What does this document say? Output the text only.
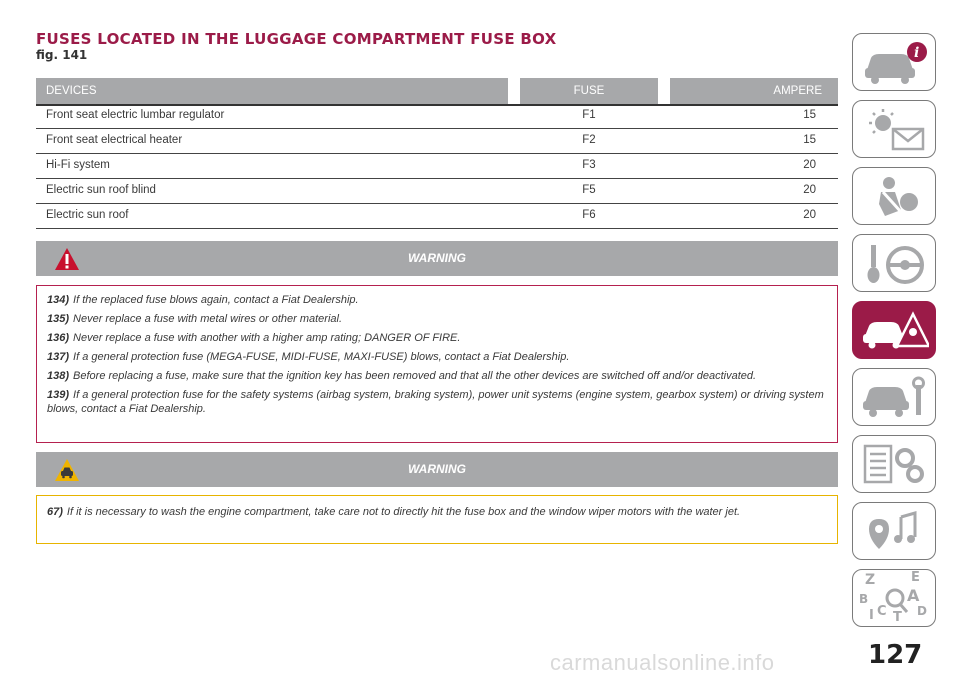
FUSES LOCATED IN THE LUGGAGE COMPARTMENT FUSE BOX
fig. 141
DEVICES	FUSE	AMPERE
Front seat electric lumbar regulator	F1	15
Front seat electrical heater	F2	15
Hi-Fi system	F3	20
Electric sun roof blind	F5	20
Electric sun roof	F6	20
WARNING
134) If the replaced fuse blows again, contact a Fiat Dealership.
135) Never replace a fuse with metal wires or other material.
136) Never replace a fuse with another with a higher amp rating; DANGER OF FIRE.
137) If a general protection fuse (MEGA-FUSE, MIDI-FUSE, MAXI-FUSE) blows, contact a Fiat Dealership.
138) Before replacing a fuse, make sure that the ignition key has been removed and that all the other devices are switched off and/or deactivated.
139) If a general protection fuse for the safety systems (airbag system, braking system), power unit systems (engine system, gearbox system) or driving system blows, contact a Fiat Dealership.
WARNING
67) If it is necessary to wash the engine compartment, take care not to directly hit the fuse box and the window wiper motors with the water jet.
i
Z	E
B A
I C	D
T
carmanualsonline.info	127
